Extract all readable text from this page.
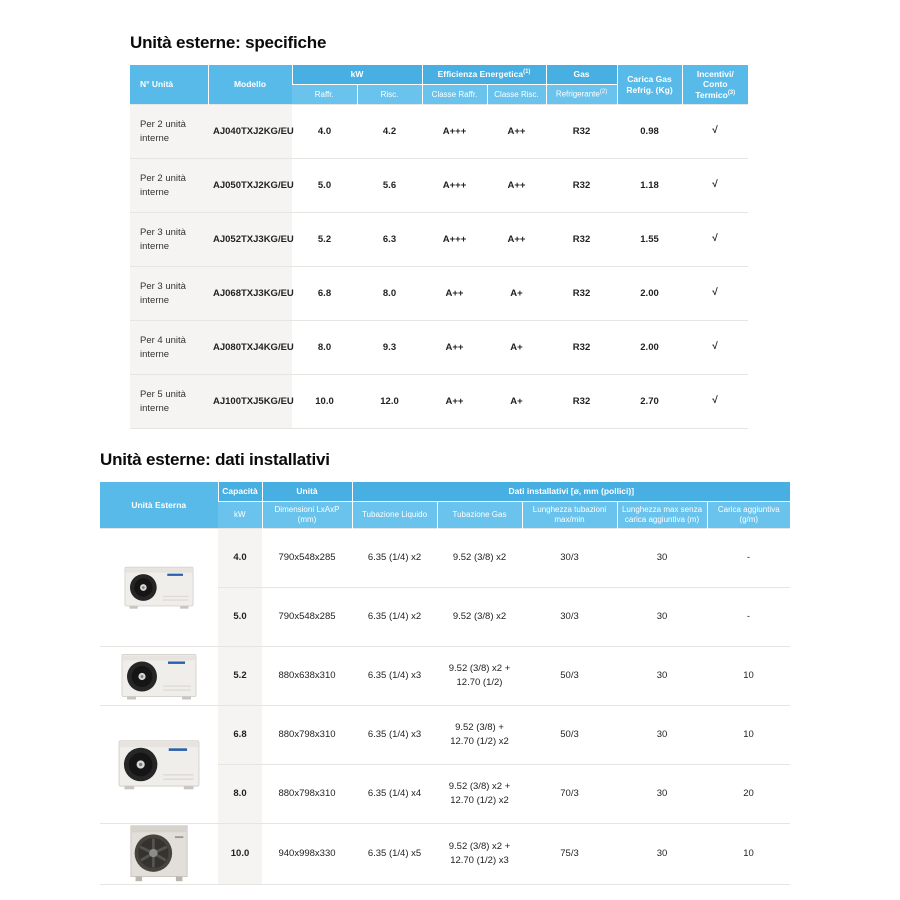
Unità esterne: specifiche
N° Unità	Modello	kW		Efficienza Energetica$^{(1)}$		Gas	Carica Gas Refrig. (Kg)	Incentivi/
Conto Termico$^{(3)}$
		Raffr.	Risc.	Classe Raffr.	Classe Risc.	Refrigerante$^{(2)}$
Per 2 unità interne	AJ040TXJ2KG/EU	4.0	4.2	A+++	A++	R32	0.98	√
Per 2 unità interne	AJ050TXJ2KG/EU	5.0	5.6	A+++	A++	R32	1.18	√
Per 3 unità interne	AJ052TXJ3KG/EU	5.2	6.3	A+++	A++	R32	1.55	√
Per 3 unità interne	AJ068TXJ3KG/EU	6.8	8.0	A++	A+	R32	2.00	√
Per 4 unità interne	AJ080TXJ4KG/EU	8.0	9.3	A++	A+	R32	2.00	√
Per 5 unità interne	AJ100TXJ5KG/EU	10.0	12.0	A++	A+	R32	2.70	√
Unità esterne: dati installativi
Unità Esterna	Capacità	Unità	Dati installativi [ø, mm (pollici)]				
	kW	Dimensioni LxAxP (mm)	Tubazione Liquido	Tubazione Gas	Lunghezza tubazioni max/min	Lunghezza max senza carica aggiuntiva (m)	Carica aggiuntiva (g/m)
	4.0	790x548x285	6.35 (1/4) x2	9.52 (3/8) x2	30/3	30	-
	5.0	790x548x285	6.35 (1/4) x2	9.52 (3/8) x2	30/3	30	-
	5.2	880x638x310	6.35 (1/4) x3	9.52 (3/8) x2 + 12.70 (1/2)	50/3	30	10
	6.8	880x798x310	6.35 (1/4) x3	9.52 (3/8) + 12.70 (1/2) x2	50/3	30	10
	8.0	880x798x310	6.35 (1/4) x4	9.52 (3/8) x2 + 12.70 (1/2) x2	70/3	30	20
	10.0	940x998x330	6.35 (1/4) x5	9.52 (3/8) x2 + 12.70 (1/2) x3	75/3	30	10
